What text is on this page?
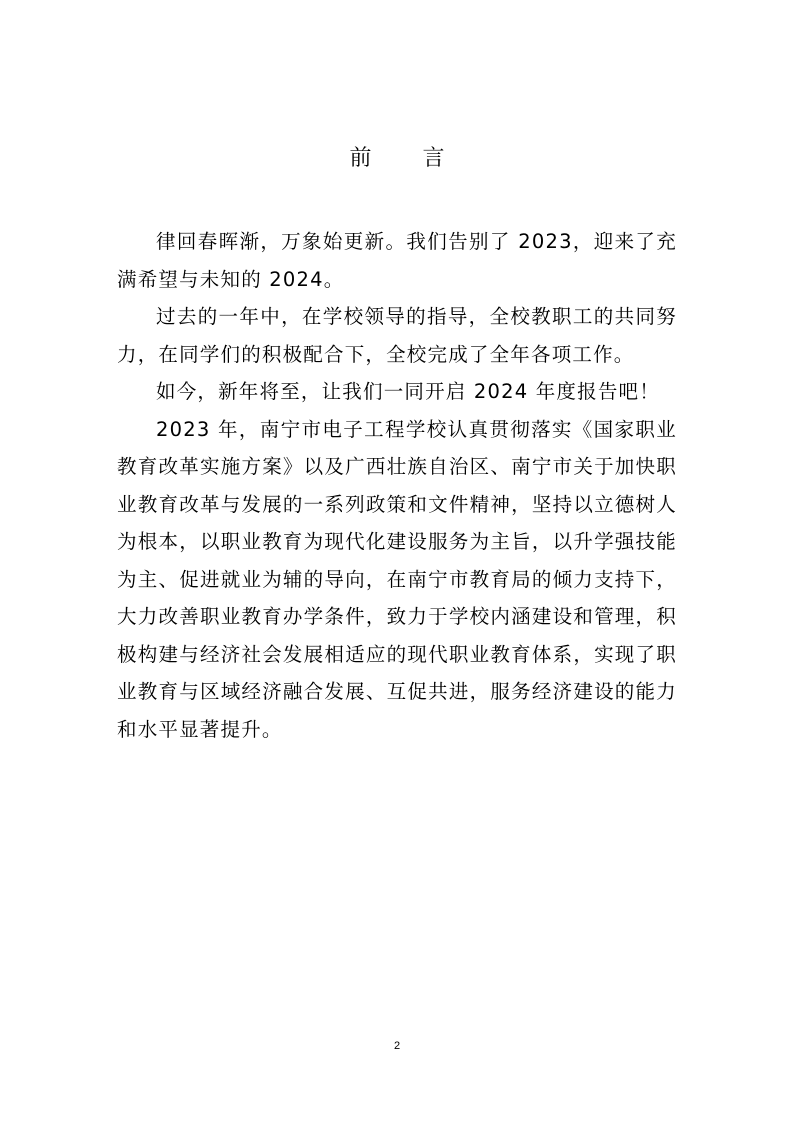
前 言

律回春晖渐，万象始更新。我们告别了 2023，迎来了充满希望与未知的 2024。

过去的一年中，在学校领导的指导，全校教职工的共同努力，在同学们的积极配合下，全校完成了全年各项工作。

如今，新年将至，让我们一同开启 2024 年度报告吧！

2023 年，南宁市电子工程学校认真贯彻落实《国家职业教育改革实施方案》以及广西壮族自治区、南宁市关于加快职业教育改革与发展的一系列政策和文件精神，坚持以立德树人为根本，以职业教育为现代化建设服务为主旨，以升学强技能为主、促进就业为辅的导向，在南宁市教育局的倾力支持下，大力改善职业教育办学条件，致力于学校内涵建设和管理，积极构建与经济社会发展相适应的现代职业教育体系，实现了职业教育与区域经济融合发展、互促共进，服务经济建设的能力和水平显著提升。

2
